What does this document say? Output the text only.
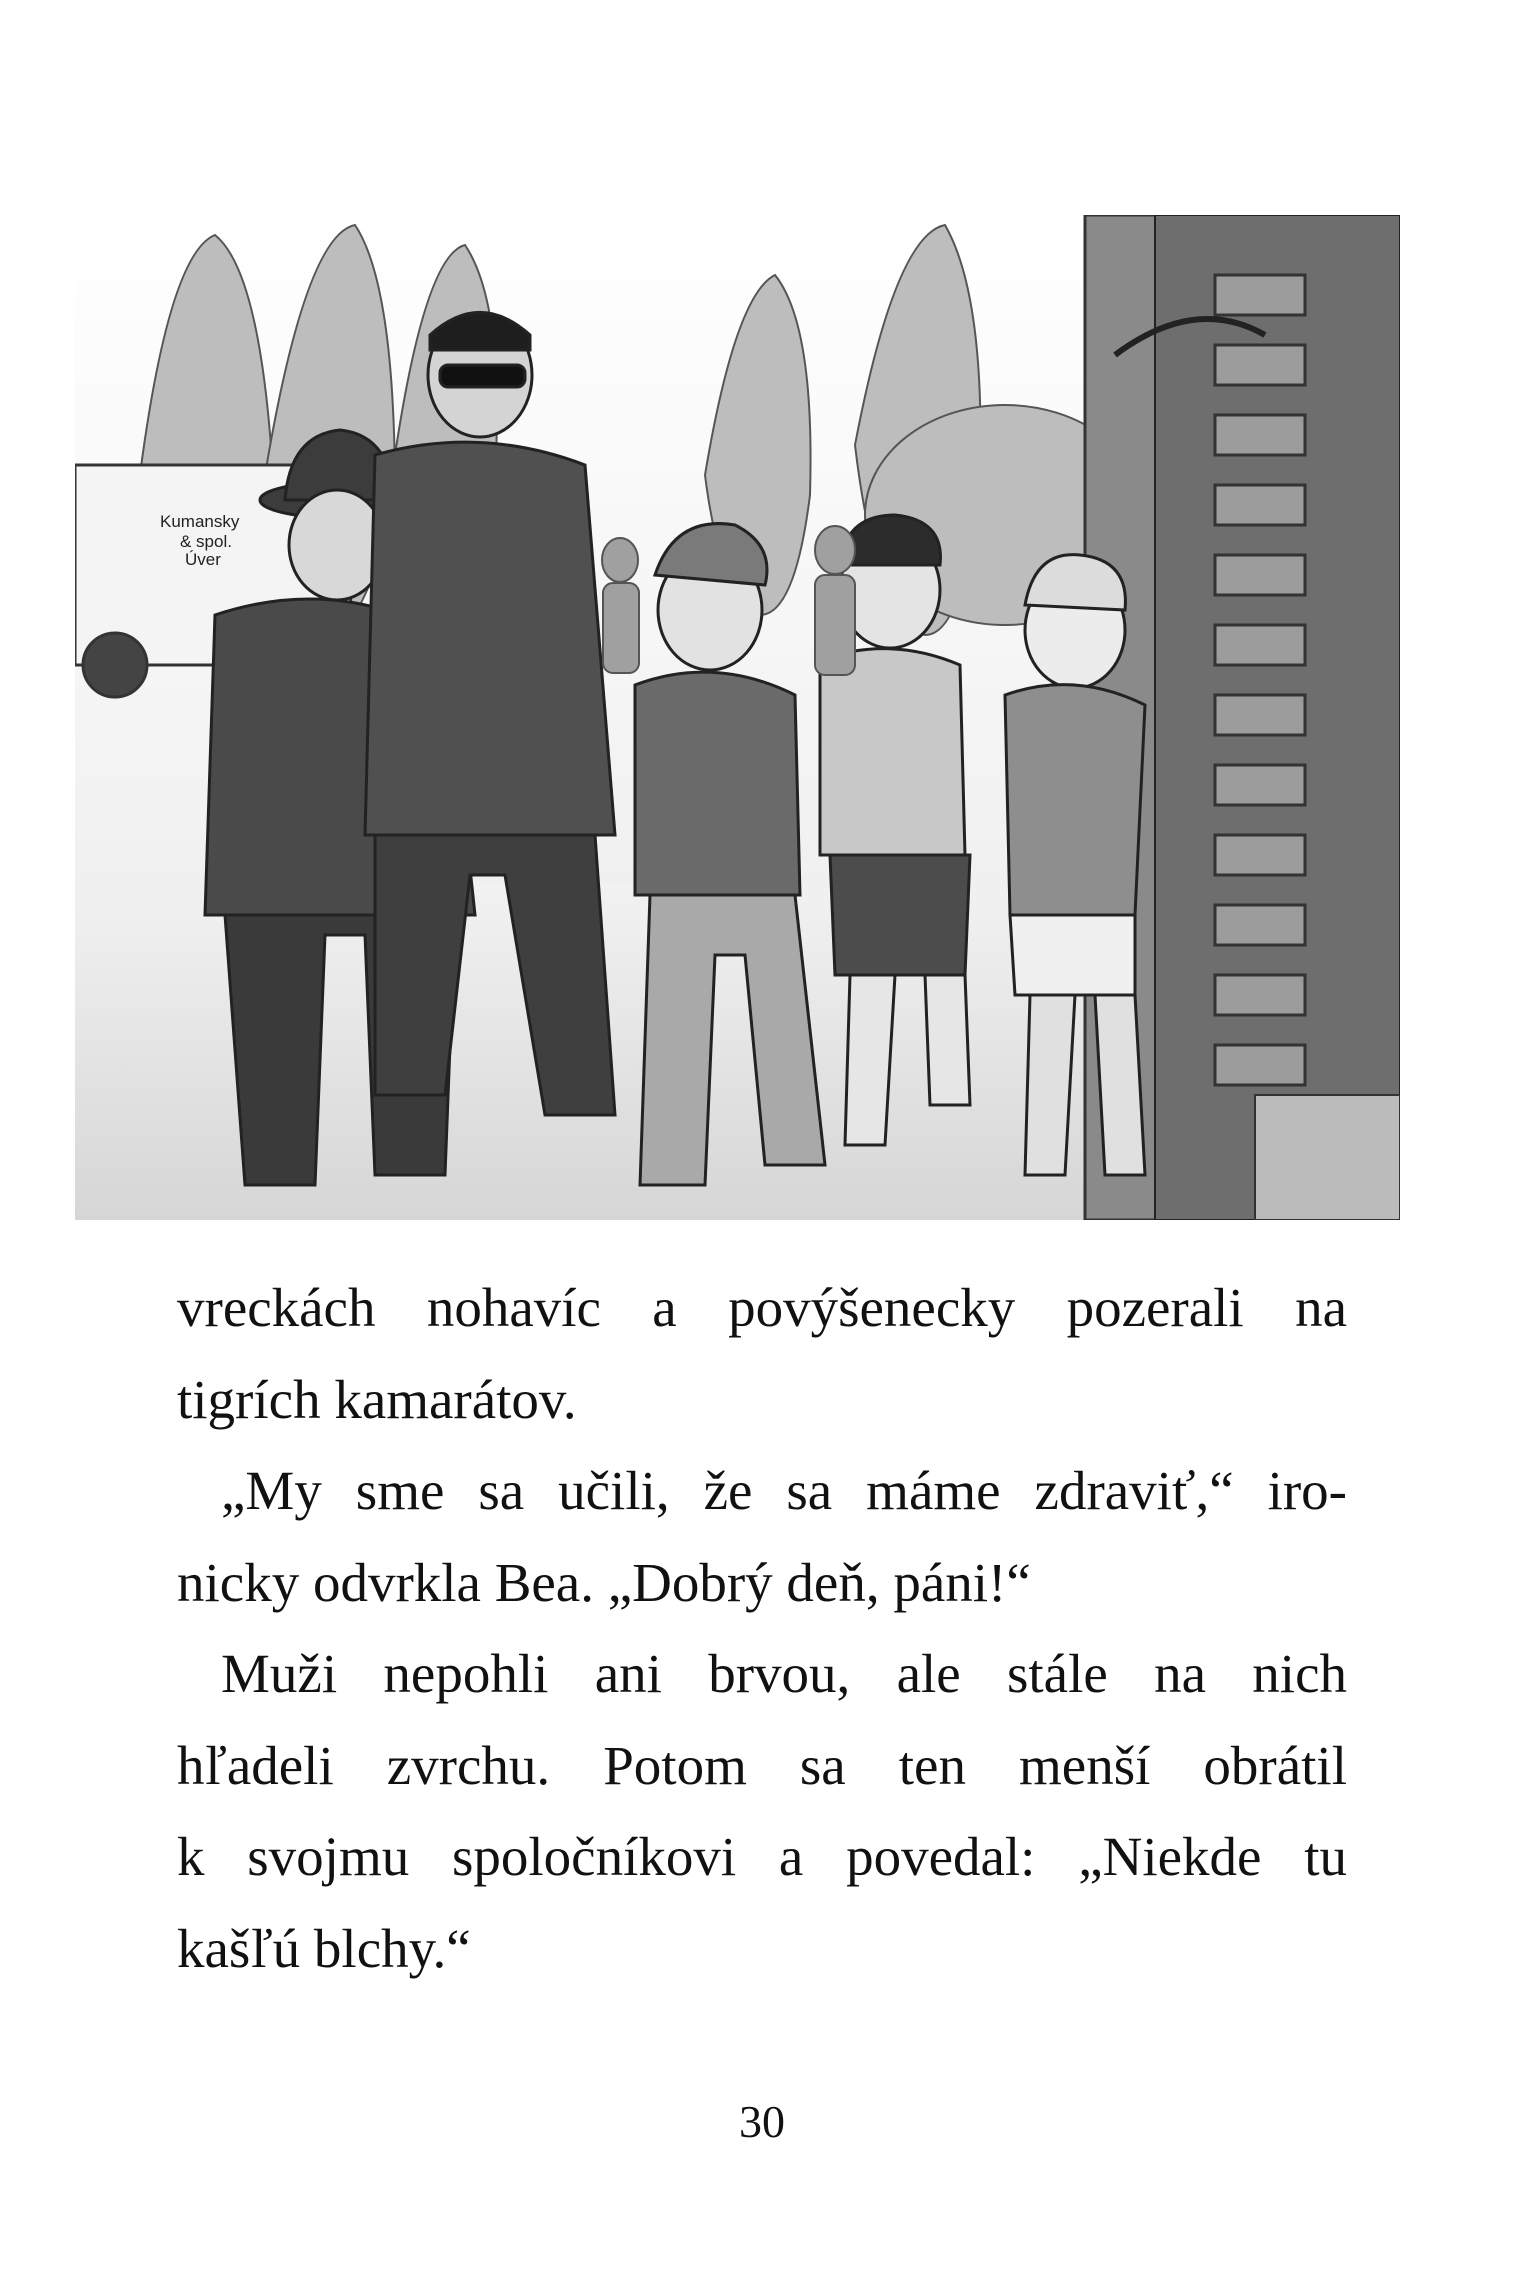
Kumansky
& spol.
Úver
vreckách nohavíc a povýšenecky pozerali na
tigrích kamarátov.
„My sme sa učili, že sa máme zdraviť,“ iro-
nicky odvrkla Bea. „Dobrý deň, páni!“
Muži nepohli ani brvou, ale stále na nich
hľadeli zvrchu. Potom sa ten menší obrátil
k svojmu spoločníkovi a povedal: „Niekde tu
kašľú blchy.“
30
